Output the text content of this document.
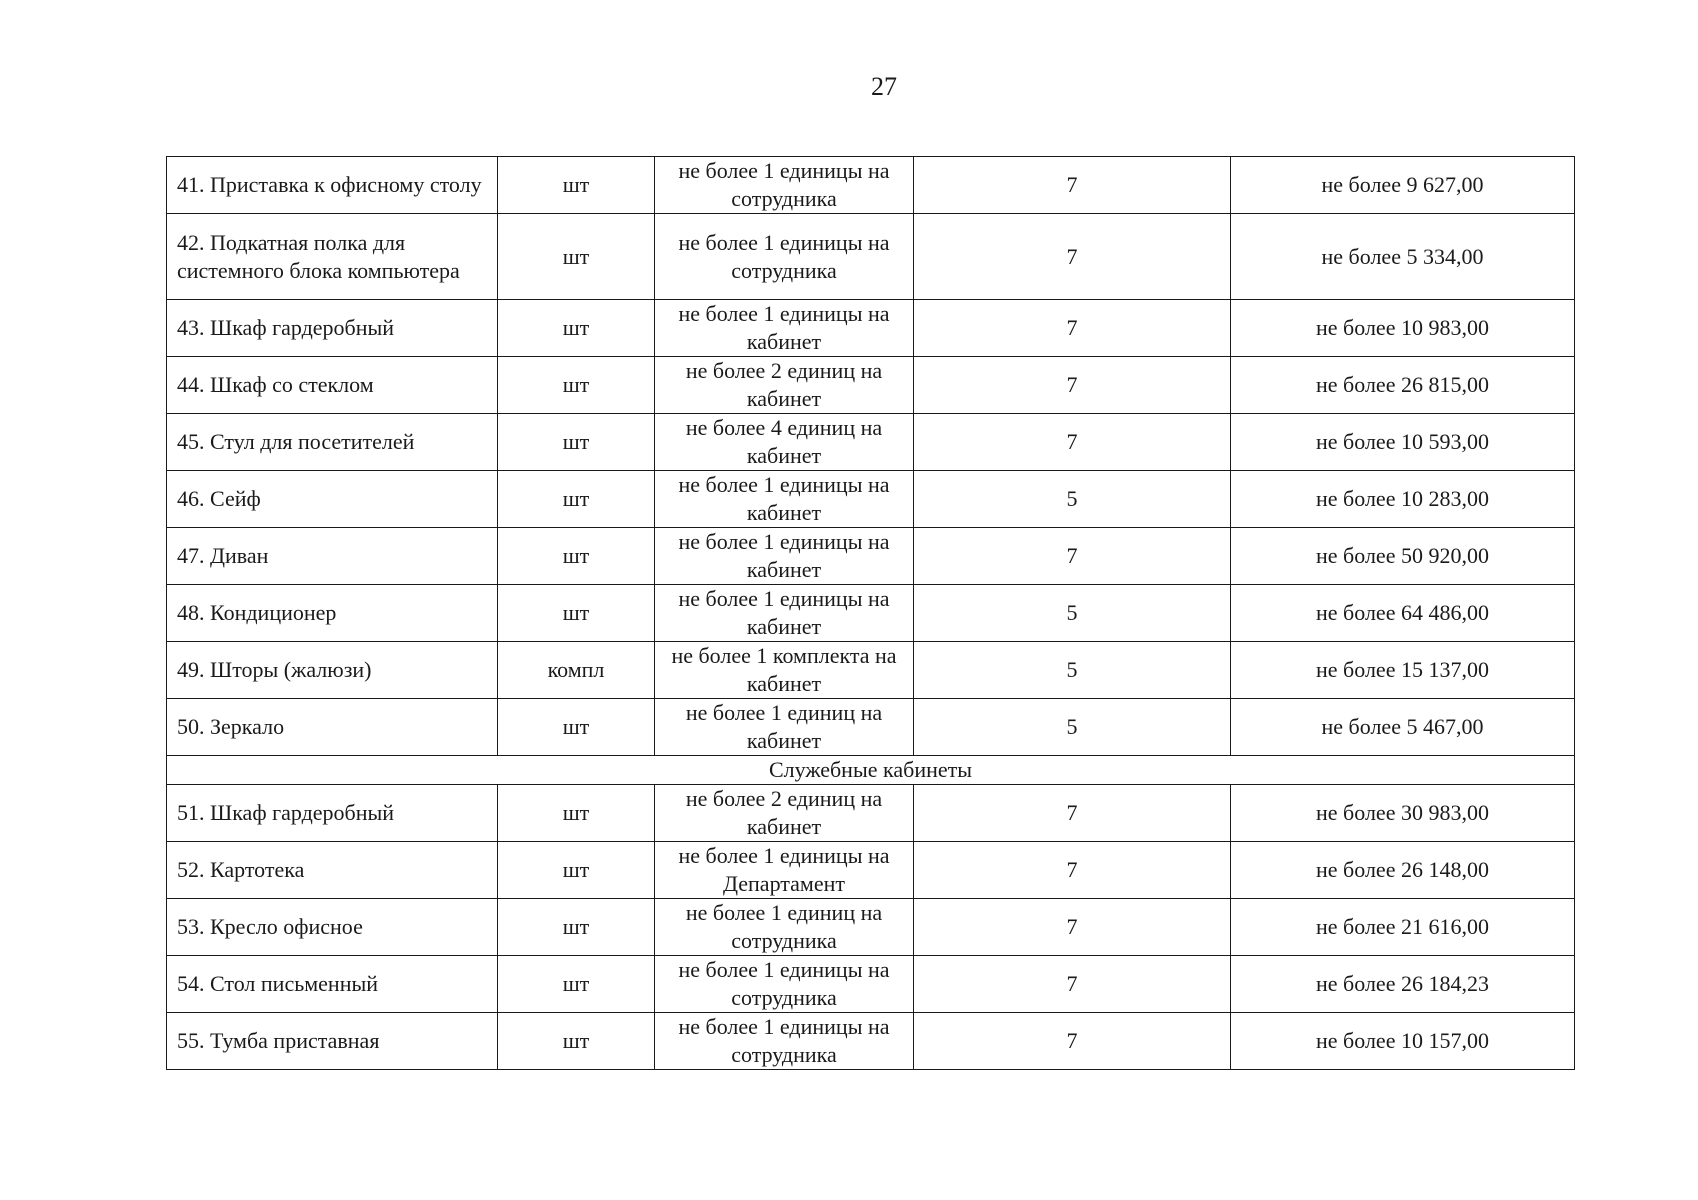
27
41. Приставка к офисному столу	шт	не более 1 единицы на сотрудника	7	не более 9 627,00
42. Подкатная полка для системного блока компьютера	шт	не более 1 единицы на сотрудника	7	не более 5 334,00
43. Шкаф гардеробный	шт	не более 1 единицы на кабинет	7	не более 10 983,00
44. Шкаф со стеклом	шт	не более 2 единиц на кабинет	7	не более 26 815,00
45. Стул для посетителей	шт	не более 4 единиц на кабинет	7	не более 10 593,00
46. Сейф	шт	не более 1 единицы на кабинет	5	не более 10 283,00
47. Диван	шт	не более 1 единицы на кабинет	7	не более 50 920,00
48. Кондиционер	шт	не более 1 единицы на кабинет	5	не более 64 486,00
49. Шторы (жалюзи)	компл	не более 1 комплекта на кабинет	5	не более 15 137,00
50. Зеркало	шт	не более 1 единиц на кабинет	5	не более 5 467,00
Служебные кабинеты				
51. Шкаф гардеробный	шт	не более 2 единиц на кабинет	7	не более 30 983,00
52. Картотека	шт	не более 1 единицы на Департамент	7	не более 26 148,00
53. Кресло офисное	шт	не более 1 единиц на сотрудника	7	не более 21 616,00
54. Стол письменный	шт	не более 1 единицы на сотрудника	7	не более 26 184,23
55. Тумба приставная	шт	не более 1 единицы на сотрудника	7	не более 10 157,00
